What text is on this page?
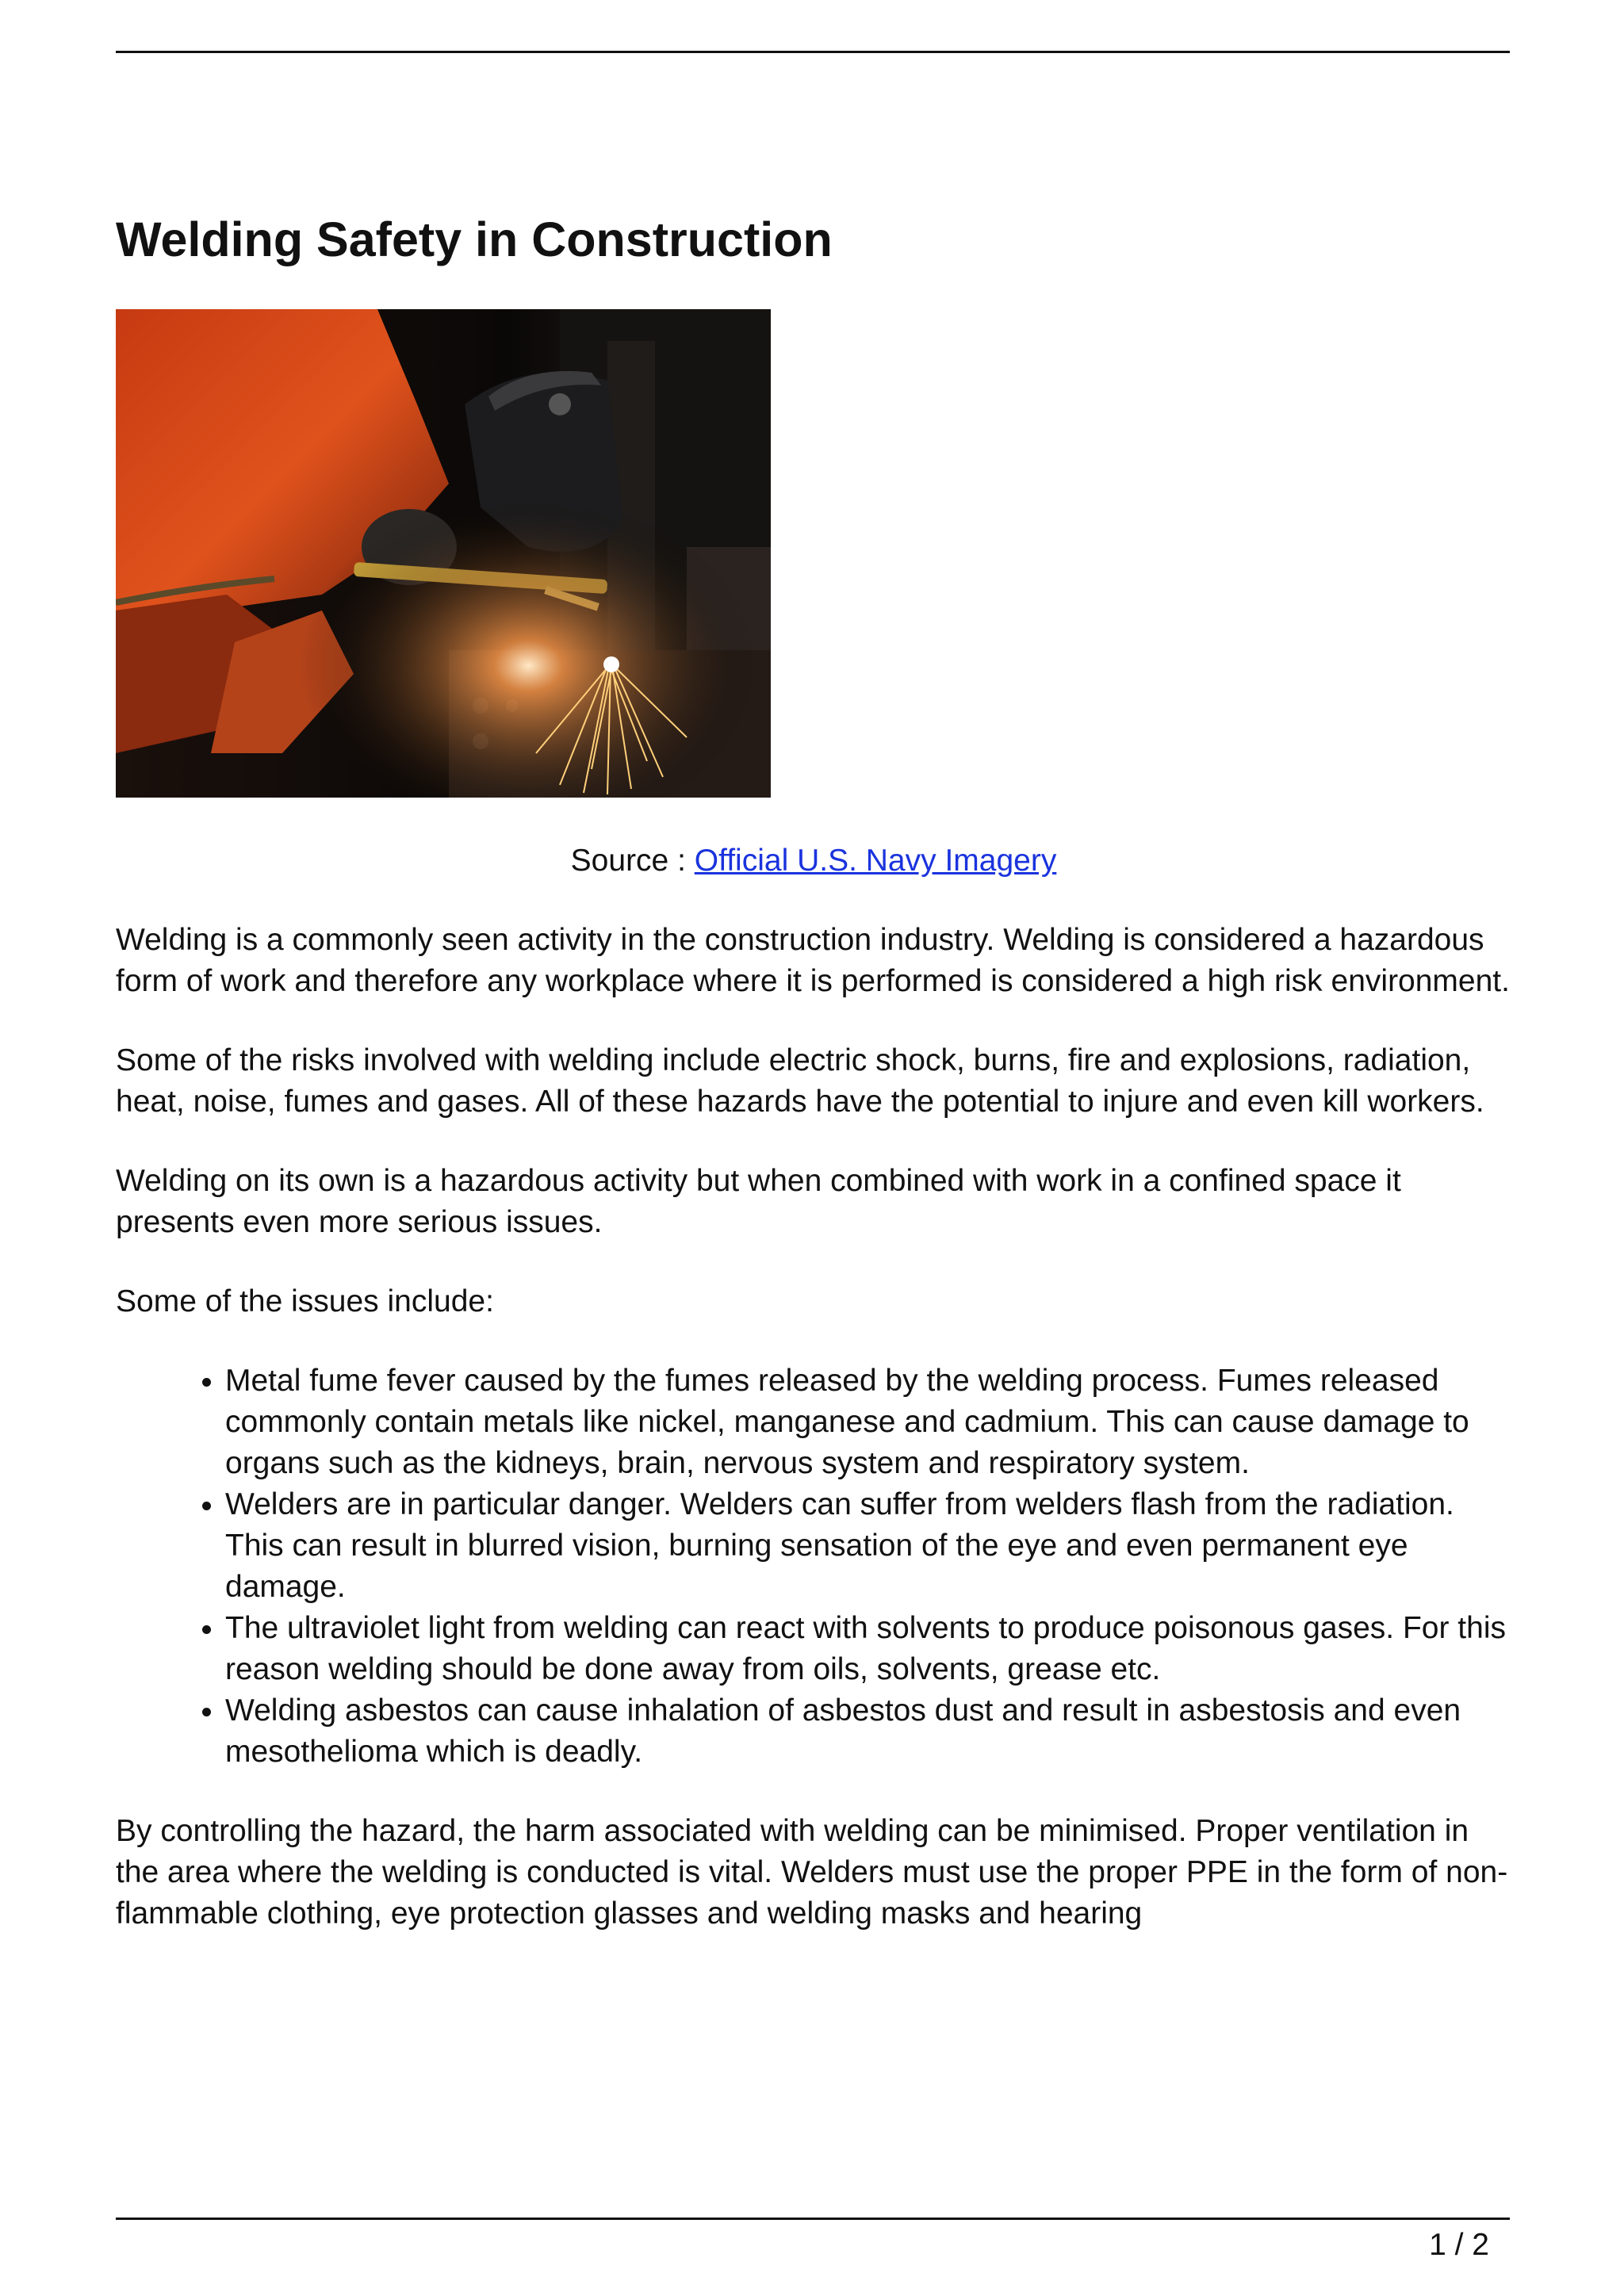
Welding Safety in Construction
Source : Official U.S. Navy Imagery

Welding is a commonly seen activity in the construction industry. Welding is considered a hazardous form of work and therefore any workplace where it is performed is considered a high risk environment.

Some of the risks involved with welding include electric shock, burns, fire and explosions, radiation, heat, noise, fumes and gases. All of these hazards have the potential to injure and even kill workers.

Welding on its own is a hazardous activity but when combined with work in a confined space it presents even more serious issues.

Some of the issues include:

• Metal fume fever caused by the fumes released by the welding process. Fumes released commonly contain metals like nickel, manganese and cadmium. This can cause damage to organs such as the kidneys, brain, nervous system and respiratory system.
• Welders are in particular danger. Welders can suffer from welders flash from the radiation. This can result in blurred vision, burning sensation of the eye and even permanent eye damage.
• The ultraviolet light from welding can react with solvents to produce poisonous gases. For this reason welding should be done away from oils, solvents, grease etc.
• Welding asbestos can cause inhalation of asbestos dust and result in asbestosis and even mesothelioma which is deadly.

By controlling the hazard, the harm associated with welding can be minimised. Proper ventilation in the area where the welding is conducted is vital. Welders must use the proper PPE in the form of non-flammable clothing, eye protection glasses and welding masks and hearing

1 / 2
